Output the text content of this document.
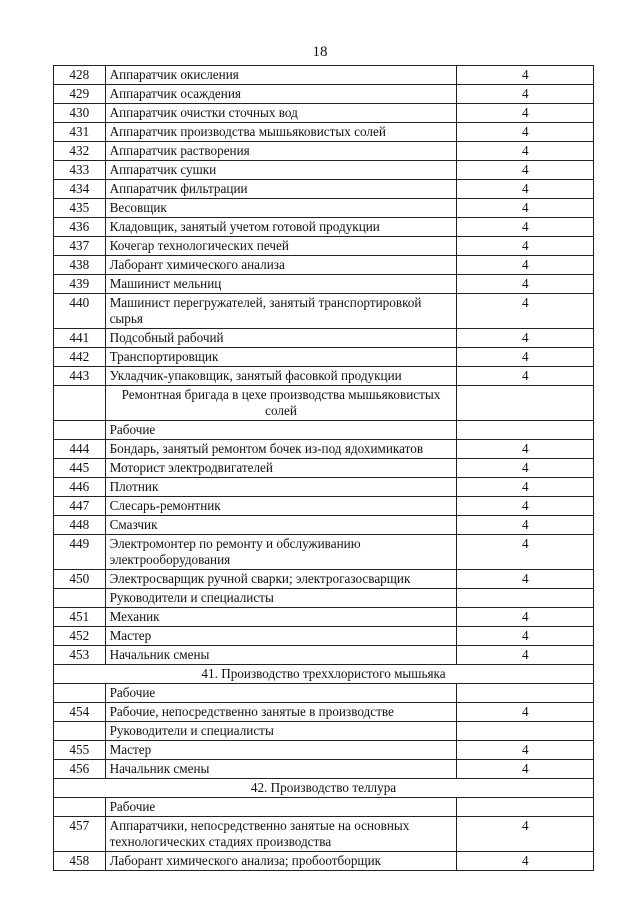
18
428	Аппаратчик окисления	4
429	Аппаратчик осаждения	4
430	Аппаратчик очистки сточных вод	4
431	Аппаратчик производства мышьяковистых солей	4
432	Аппаратчик растворения	4
433	Аппаратчик сушки	4
434	Аппаратчик фильтрации	4
435	Весовщик	4
436	Кладовщик, занятый учетом готовой продукции	4
437	Кочегар технологических печей	4
438	Лаборант химического анализа	4
439	Машинист мельниц	4
440	Машинист перегружателей, занятый транспортировкой сырья	4
441	Подсобный рабочий	4
442	Транспортировщик	4
443	Укладчик-упаковщик, занятый фасовкой продукции	4
	Ремонтная бригада в цехе производства мышьяковистых солей	
	Рабочие	
444	Бондарь, занятый ремонтом бочек из-под ядохимикатов	4
445	Моторист электродвигателей	4
446	Плотник	4
447	Слесарь-ремонтник	4
448	Смазчик	4
449	Электромонтер по ремонту и обслуживанию электрооборудования	4
450	Электросварщик ручной сварки; электрогазосварщик	4
	Руководители и специалисты	
451	Механик	4
452	Мастер	4
453	Начальник смены	4
41. Производство треххлористого мышьяка		
	Рабочие	
454	Рабочие, непосредственно занятые в производстве	4
	Руководители и специалисты	
455	Мастер	4
456	Начальник смены	4
42. Производство теллура		
	Рабочие	
457	Аппаратчики, непосредственно занятые на основных технологических стадиях производства	4
458	Лаборант химического анализа; пробоотборщик	4
